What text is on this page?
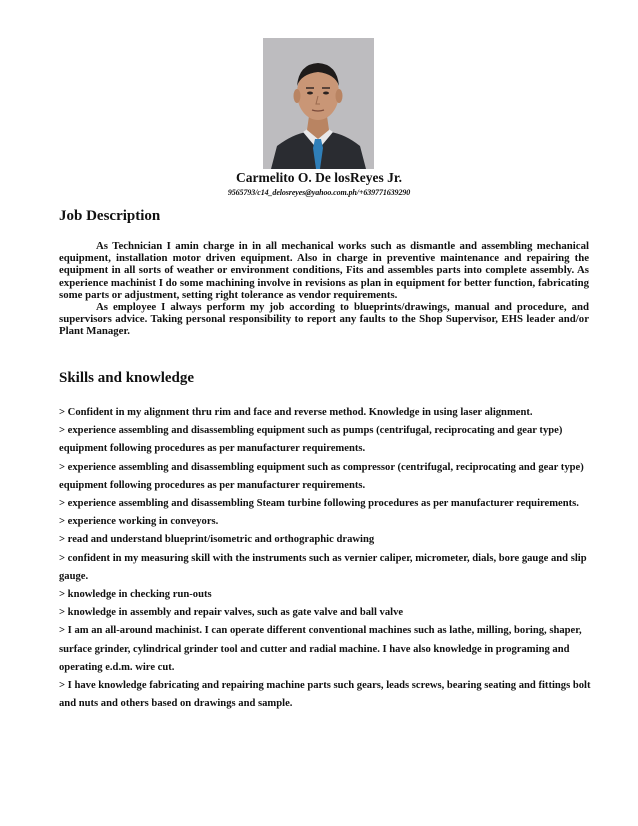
Carmelito O. De losReyes Jr.
9565793/c14_delosreyes@yahoo.com.ph/+639771639290
Job Description

As Technician I amin charge in in all mechanical works such as dismantle and assembling mechanical equipment, installation motor driven equipment. Also in charge in preventive maintenance and repairing the equipment in all sorts of weather or environment conditions, Fits and assembles parts into complete assembly. As experience machinist I do some machining involve in revisions as plan in equipment for better function, fabricating some parts or adjustment, setting right tolerance as vendor requirements.

As employee I always perform my job according to blueprints/drawings, manual and procedure, and supervisors advice. Taking personal responsibility to report any faults to the Shop Supervisor, EHS leader and/or Plant Manager.

Skills and knowledge

> Confident in my alignment thru rim and face and reverse method. Knowledge in using laser alignment.

> experience assembling and disassembling equipment such as pumps (centrifugal, reciprocating and gear type) equipment following procedures as per manufacturer requirements.

> experience assembling and disassembling equipment such as compressor (centrifugal, reciprocating and gear type) equipment following procedures as per manufacturer requirements.

> experience assembling and disassembling Steam turbine following procedures as per manufacturer requirements.

> experience working in conveyors.

> read and understand blueprint/isometric and orthographic drawing

> confident in my measuring skill with the instruments such as vernier caliper, micrometer, dials, bore gauge and slip gauge.

> knowledge in checking run-outs

> knowledge in assembly and repair valves, such as gate valve and ball valve

> I am an all-around machinist. I can operate different conventional machines such as lathe, milling, boring, shaper, surface grinder, cylindrical grinder tool and cutter and radial machine. I have also knowledge in programing and operating e.d.m. wire cut.

> I have knowledge fabricating and repairing machine parts such gears, leads screws, bearing seating and fittings bolt and nuts and others based on drawings and sample.
